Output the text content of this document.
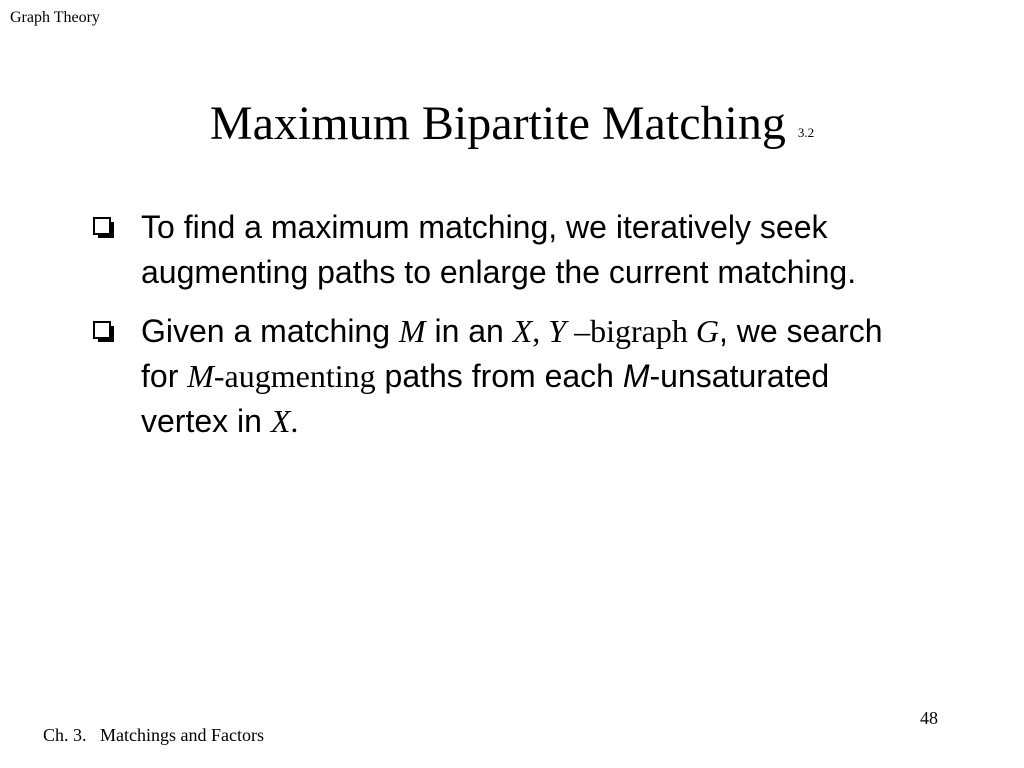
Graph Theory
Maximum Bipartite Matching 3.2
To find a maximum matching, we iteratively seek augmenting paths to enlarge the current matching.
Given a matching M in an X, Y –bigraph G, we search for M-augmenting paths from each M-unsaturated vertex in X.
48
Ch. 3.   Matchings and Factors
